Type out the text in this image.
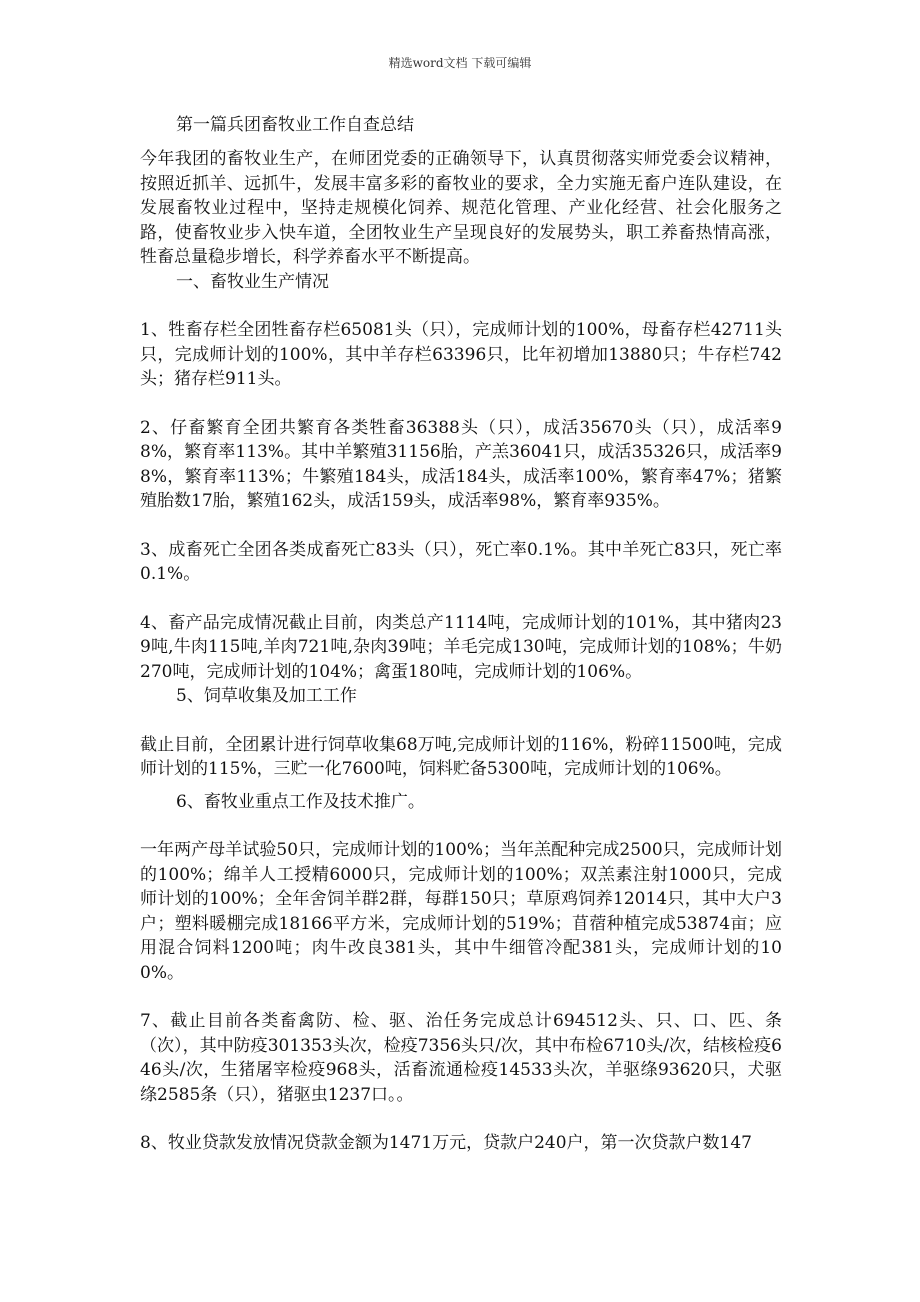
精选word文档 下载可编辑
第一篇兵团畜牧业工作自查总结

今年我团的畜牧业生产，在师团党委的正确领导下，认真贯彻落实师党委会议精神，按照近抓羊、远抓牛，发展丰富多彩的畜牧业的要求，全力实施无畜户连队建设，在发展畜牧业过程中，坚持走规模化饲养、规范化管理、产业化经营、社会化服务之路，使畜牧业步入快车道，全团牧业生产呈现良好的发展势头，职工养畜热情高涨，牲畜总量稳步增长，科学养畜水平不断提高。

一、畜牧业生产情况

1、牲畜存栏全团牲畜存栏65081头（只），完成师计划的100%，母畜存栏42711头只，完成师计划的100%，其中羊存栏63396只，比年初增加13880只；牛存栏742头；猪存栏911头。

2、仔畜繁育全团共繁育各类牲畜36388头（只），成活35670头（只），成活率98%，繁育率113%。其中羊繁殖31156胎，产羔36041只，成活35326只，成活率98%，繁育率113%；牛繁殖184头，成活184头，成活率100%，繁育率47%；猪繁殖胎数17胎，繁殖162头，成活159头，成活率98%，繁育率935%。

3、成畜死亡全团各类成畜死亡83头（只），死亡率0.1%。其中羊死亡83只，死亡率0.1%。

4、畜产品完成情况截止目前，肉类总产1114吨，完成师计划的101%，其中猪肉239吨,牛肉115吨,羊肉721吨,杂肉39吨；羊毛完成130吨，完成师计划的108%；牛奶270吨，完成师计划的104%；禽蛋180吨，完成师计划的106%。

5、饲草收集及加工工作

截止目前，全团累计进行饲草收集68万吨,完成师计划的116%，粉碎11500吨，完成师计划的115%，三贮一化7600吨，饲料贮备5300吨，完成师计划的106%。

6、畜牧业重点工作及技术推广。

一年两产母羊试验50只，完成师计划的100%；当年羔配种完成2500只，完成师计划的100%；绵羊人工授精6000只，完成师计划的100%；双羔素注射1000只，完成师计划的100%；全年舍饲羊群2群，每群150只；草原鸡饲养12014只，其中大户3户；塑料暖棚完成18166平方米，完成师计划的519%；苜蓿种植完成53874亩；应用混合饲料1200吨；肉牛改良381头，其中牛细管冷配381头，完成师计划的100%。

7、截止目前各类畜禽防、检、驱、治任务完成总计694512头、只、口、匹、条（次），其中防疫301353头次，检疫7356头只/次，其中布检6710头/次，结核检疫646头/次，生猪屠宰检疫968头，活畜流通检疫14533头次，羊驱绦93620只，犬驱绦2585条（只），猪驱虫1237口。。

8、牧业贷款发放情况贷款金额为1471万元，贷款户240户，第一次贷款户数147
